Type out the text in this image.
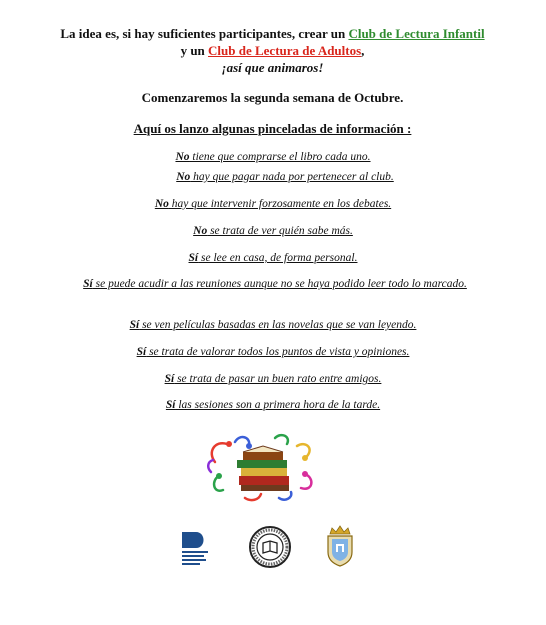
La idea es, si hay suficientes participantes, crear un Club de Lectura Infantil y un Club de Lectura de Adultos,
¡así que animaros!
Comenzaremos la segunda semana de Octubre.
Aquí os lanzo algunas pinceladas de información :
No tiene que comprarse el libro cada uno.
No hay que pagar nada por pertenecer al club.
No hay que intervenir forzosamente en los debates.
No se trata de ver quién sabe más.
Sí se lee en casa, de forma personal.
Sí se puede acudir a las reuniones aunque no se haya podido leer todo lo marcado.
Sí se ven películas basadas en las novelas que se van leyendo.
Sí se trata de valorar todos los puntos de vista y opiniones.
Sí se trata de pasar un buen rato entre amigos.
Sí las sesiones son a primera hora de la tarde.
